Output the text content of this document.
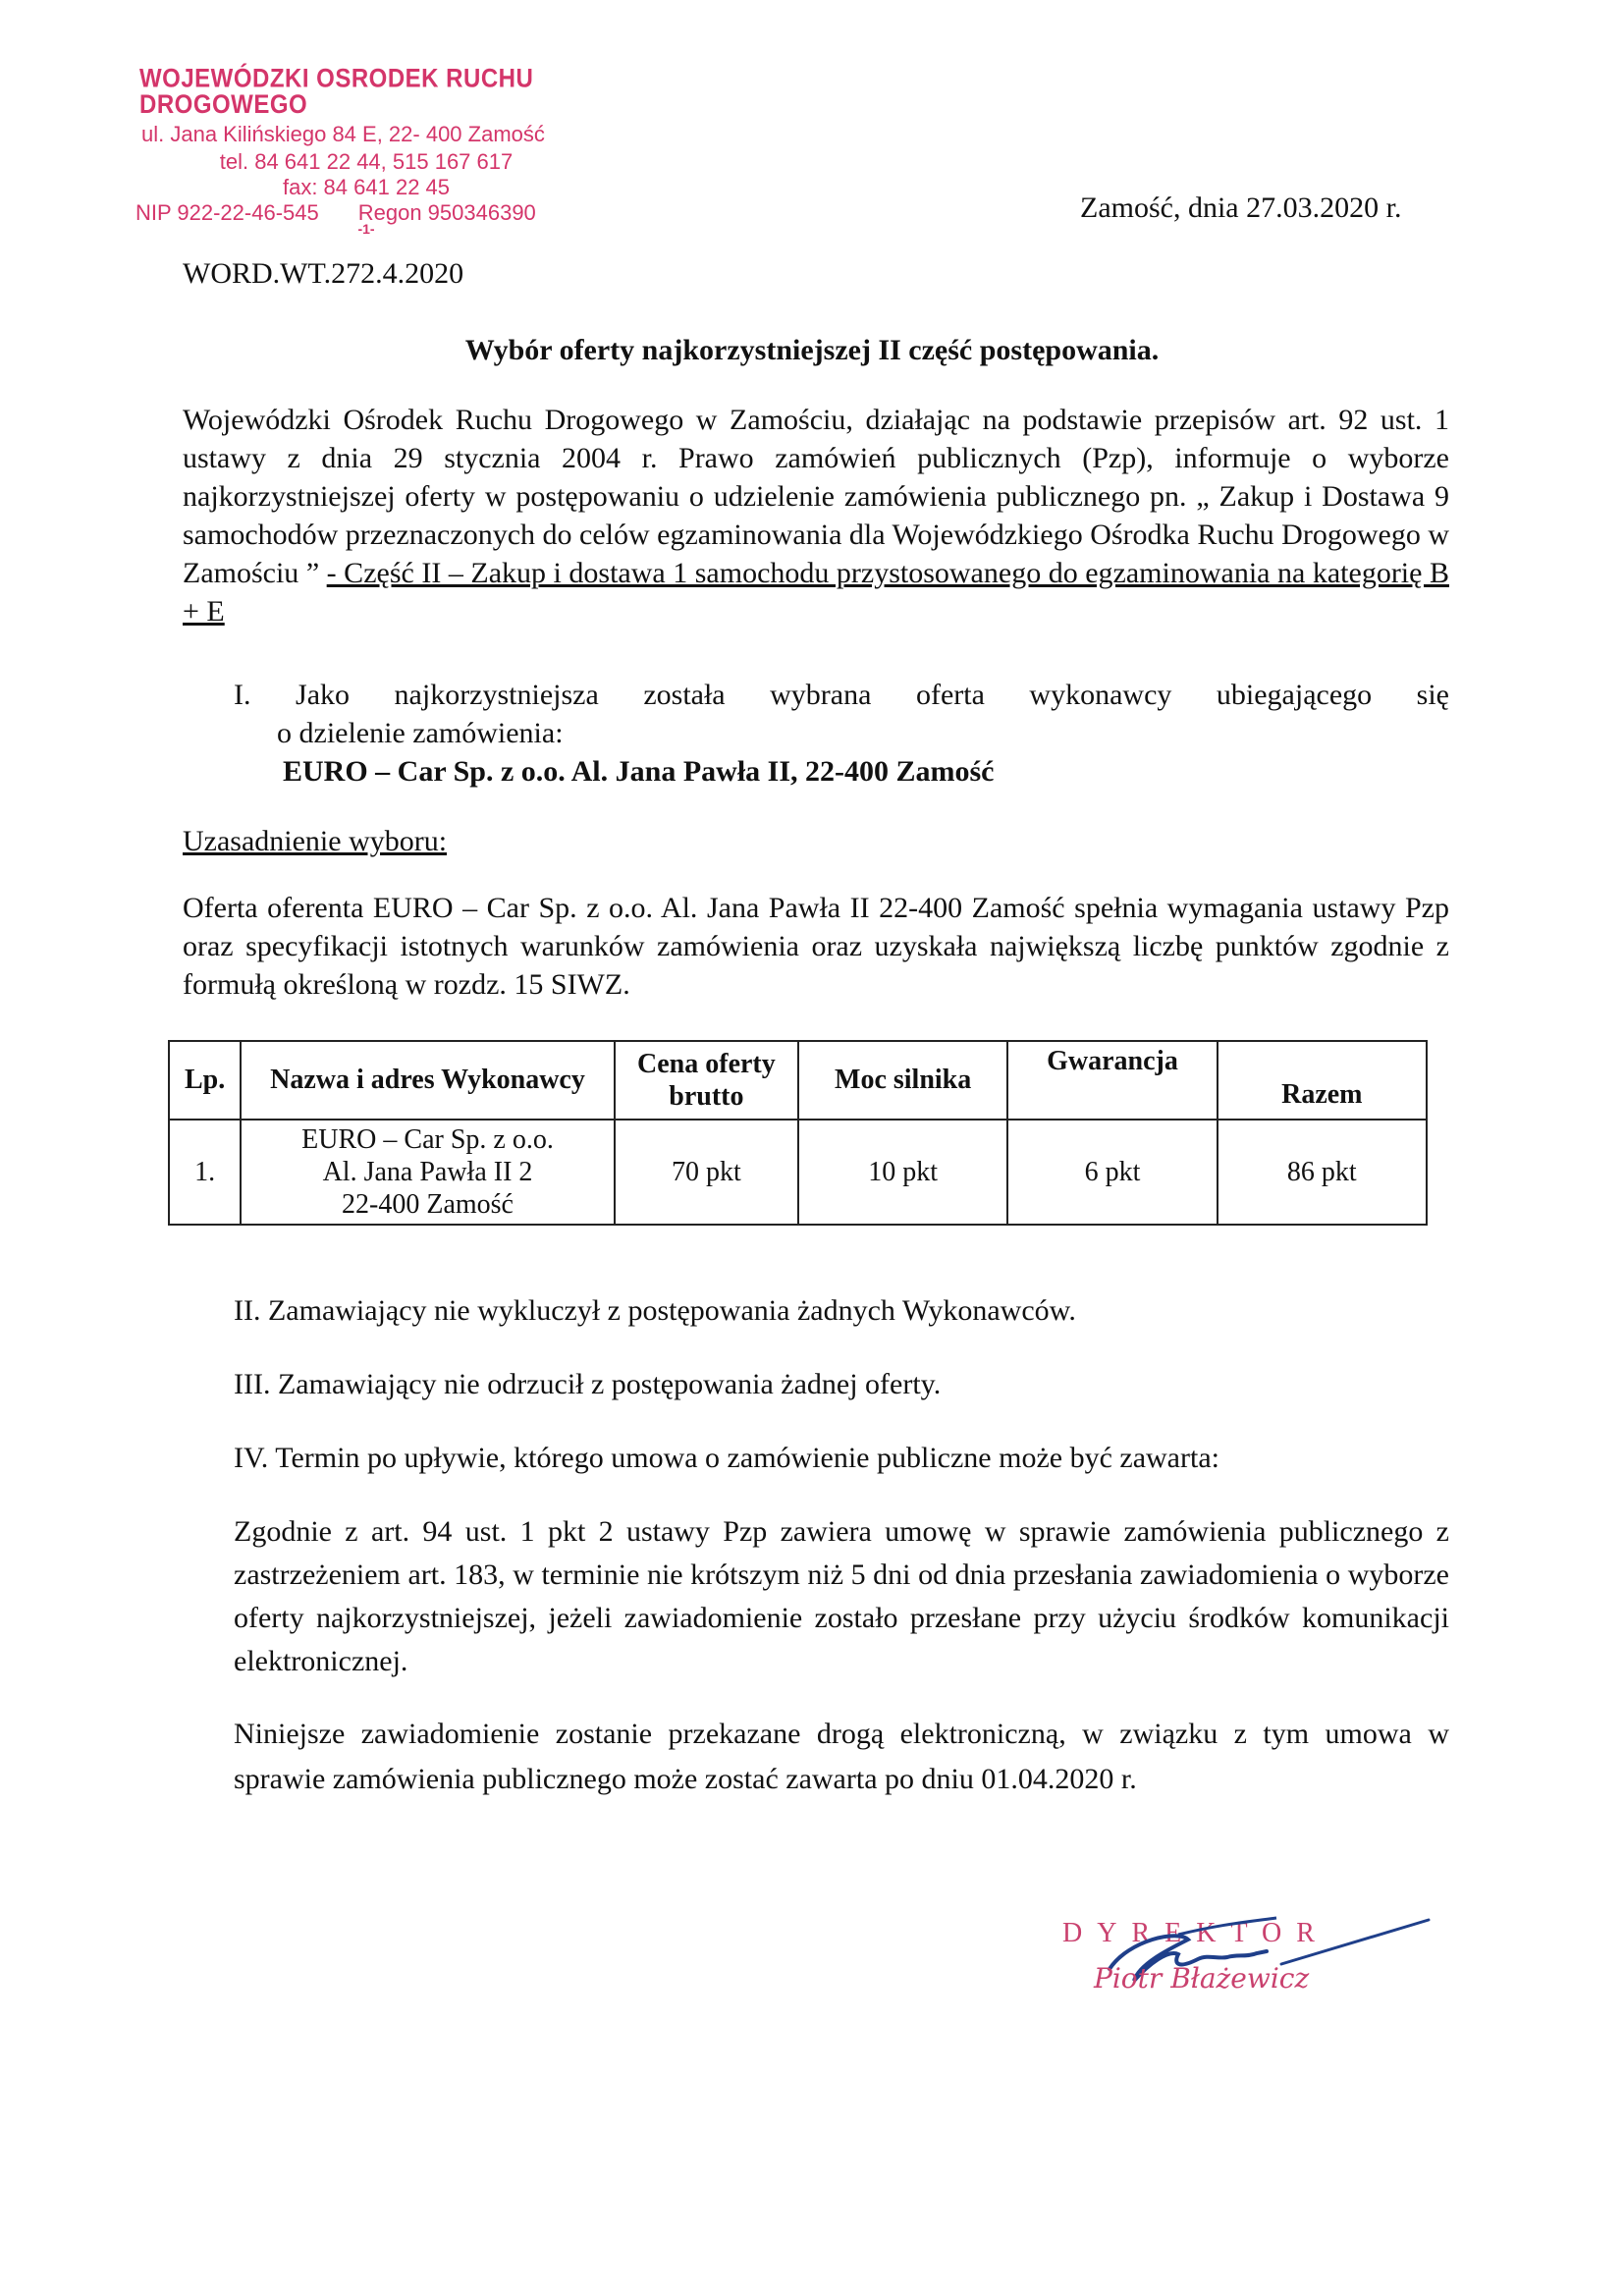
WOJEWÓDZKI OSRODEK RUCHU DROGOWEGO
ul. Jana Kilińskiego 84 E, 22- 400 Zamość
tel. 84 641 22 44, 515 167 617
fax: 84 641 22 45
NIP 922-22-46-545 Regon 950346390
-1-
Zamość, dnia 27.03.2020 r.
WORD.WT.272.4.2020
Wybór oferty najkorzystniejszej II część postępowania.
Wojewódzki Ośrodek Ruchu Drogowego w Zamościu, działając na podstawie przepisów art. 92 ust. 1 ustawy z dnia 29 stycznia 2004 r. Prawo zamówień publicznych (Pzp), informuje o wyborze najkorzystniejszej oferty w postępowaniu o udzielenie zamówienia publicznego pn. „ Zakup i Dostawa 9 samochodów przeznaczonych do celów egzaminowania dla Wojewódzkiego Ośrodka Ruchu Drogowego w Zamościu ” - Część II – Zakup i dostawa 1 samochodu przystosowanego do egzaminowania na kategorię B + E
I. Jako najkorzystniejsza została wybrana oferta wykonawcy ubiegającego się
o dzielenie zamówienia:
EURO – Car Sp. z o.o. Al. Jana Pawła II, 22-400 Zamość
Uzasadnienie wyboru:
Oferta oferenta EURO – Car Sp. z o.o. Al. Jana Pawła II 22-400 Zamość spełnia wymagania ustawy Pzp oraz specyfikacji istotnych warunków zamówienia oraz uzyskała największą liczbę punktów zgodnie z formułą określoną w rozdz. 15 SIWZ.
Lp.	Nazwa i adres Wykonawcy	Cena oferty brutto	Moc silnika	Gwarancja	Razem
1.	EURO – Car Sp. z o.o.
Al. Jana Pawła II 2
22-400 Zamość	70 pkt	10 pkt	6 pkt	86 pkt
II. Zamawiający nie wykluczył z postępowania żadnych Wykonawców.
III. Zamawiający nie odrzucił z postępowania żadnej oferty.
IV. Termin po upływie, którego umowa o zamówienie publiczne może być zawarta:
Zgodnie z art. 94 ust. 1 pkt 2 ustawy Pzp zawiera umowę w sprawie zamówienia publicznego z zastrzeżeniem art. 183, w terminie nie krótszym niż 5 dni od dnia przesłania zawiadomienia o wyborze oferty najkorzystniejszej, jeżeli zawiadomienie zostało przesłane przy użyciu środków komunikacji elektronicznej.
Niniejsze zawiadomienie zostanie przekazane drogą elektroniczną, w związku z tym umowa w sprawie zamówienia publicznego może zostać zawarta po dniu 01.04.2020 r.
DYREKTOR
Piotr Błażewicz
